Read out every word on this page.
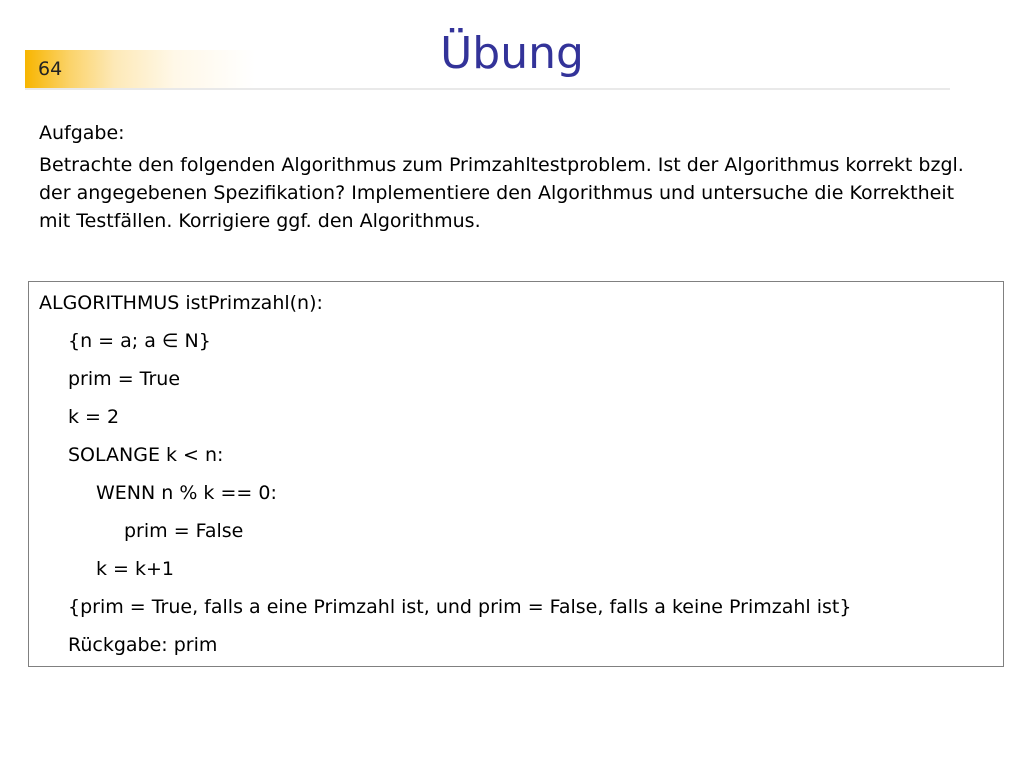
64	Übung
Aufgabe:
Betrachte den folgenden Algorithmus zum Primzahltestproblem. Ist der Algorithmus korrekt bzgl. der angegebenen Spezifikation? Implementiere den Algorithmus und untersuche die Korrektheit mit Testfällen. Korrigiere ggf. den Algorithmus.
ALGORITHMUS istPrimzahl(n):
{n = a; a ∈ N}
prim = True
k = 2
SOLANGE k < n:
WENN n % k == 0:
prim = False
k = k+1
{prim = True, falls a eine Primzahl ist, und prim = False, falls a keine Primzahl ist}
Rückgabe: prim
